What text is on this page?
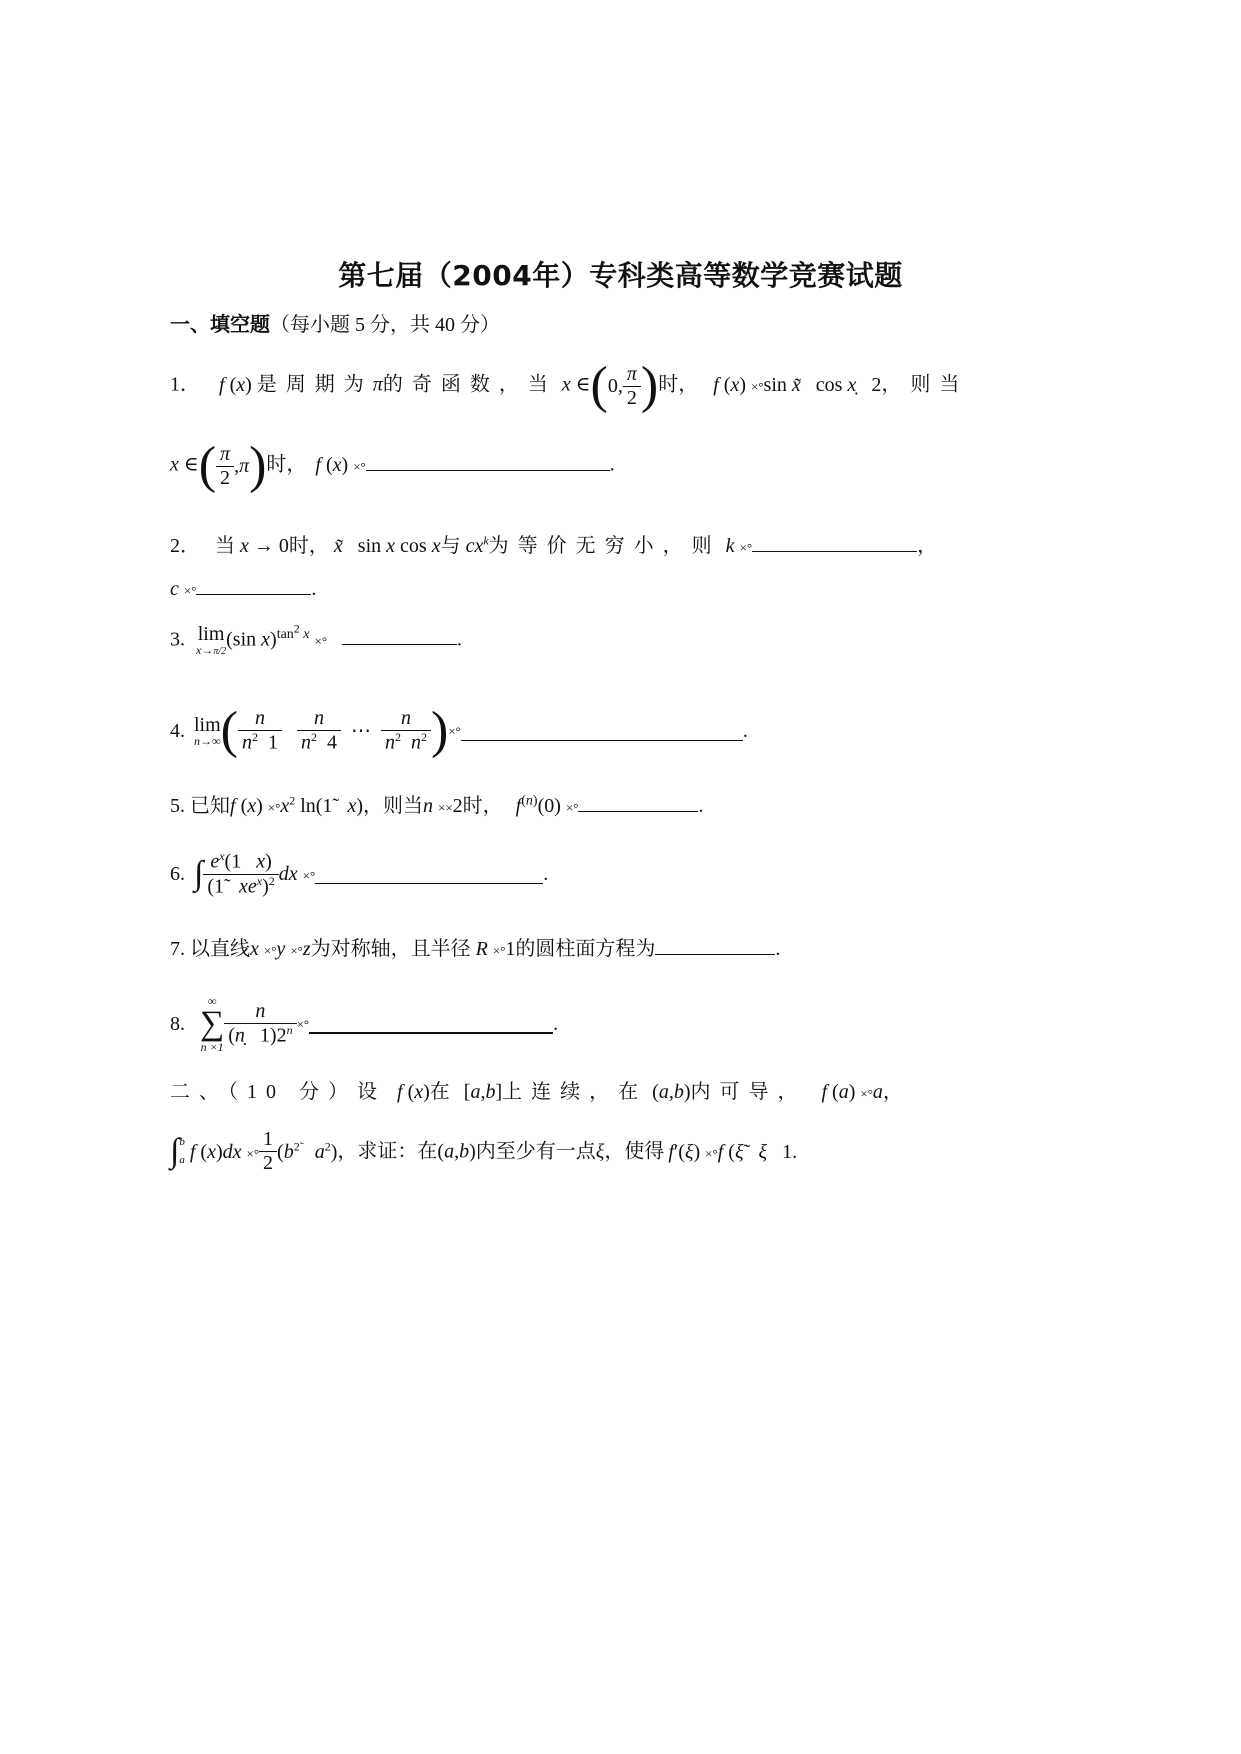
第七届（2004年）专科类高等数学竞赛试题
一、填空题（每小题 5 分，共 40 分）
1． f (x) 是周期为π的奇函数，当 x ∈(0, $\frac{\pi}{2}$ )时， f (x) ×°sin x̃   cos x̣   2，则当
x ∈( $\frac{\pi}{2} ,\pi$)时， f (x) ×°	.
2． 当 x → 0时， x̃   sin x cos x与 $cx^k$为等价无穷小，则 k ×°	，
c ×°	.
3. lim
x→π/2
(sin x)$^{tan^2 x}$ ×°	.
4. lim
n→∞ ( $\frac{n}{n^2 1}$
$\frac{n}{n^2 4}$ ⋯ $\frac{n}{n^2 n^2}$ )×°	.
5. 已知f $(x) \times^\circ x^2$ ln(1̃   x)，则当n ××2时， $f^{(n)}(0)$ ×°	.
6. ∫ $e^x(1$   x)
(1̃   $xe^x)^2$ dx ×°	.
7. 以直线x ×°y ×°z为对称轴，且半径 R ×°1的圆柱面方程为	.
8.
∞
∑
$n \times 1 \frac{n}{(ṇ 1)2^n}$ ×°	.
二、（10 分）设 f (x)在 [a,b]上连续，在 (a,b)内可导， f (a) ×°a，
∫b
a f (x)dx ×° $\frac{1}{2} (b^{2̃}$ $a^2$)，求证：在(a,b)内至少有一点ξ，使得 f′(ξ) ×°f (ξ̃   ξ   1.
